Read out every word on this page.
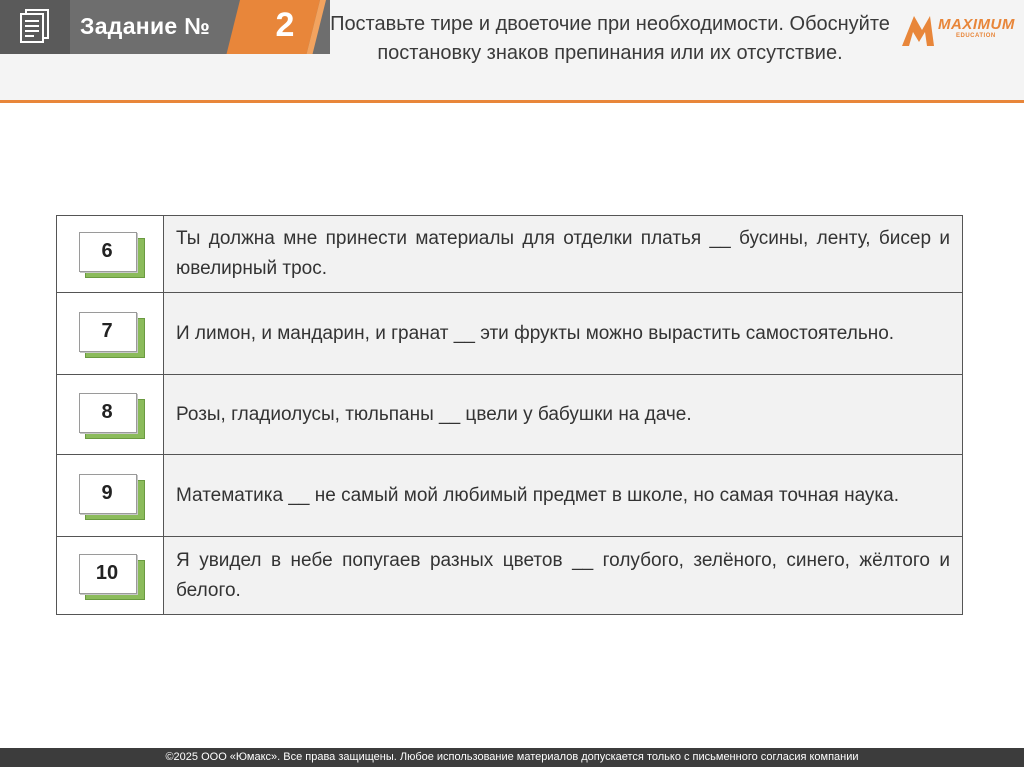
Задание №	2	Поставьте тире и двоеточие при необходимости. Обоснуйте постановку знаков препинания или их отсутствие.
MAXIMUM
EDUCATION
6	Ты должна мне принести материалы для отделки платья __ бусины, ленту, бисер и ювелирный трос.

7	И лимон, и мандарин, и гранат __ эти фрукты можно вырастить самостоятельно.

8	Розы, гладиолусы, тюльпаны __ цвели у бабушки на даче.

9	Математика __ не самый мой любимый предмет в школе, но самая точная наука.

10	Я увидел в небе попугаев разных цветов __ голубого, зелёного, синего, жёлтого и белого.
©2025 ООО «Юмакс». Все права защищены. Любое использование материалов допускается только с письменного согласия компании
